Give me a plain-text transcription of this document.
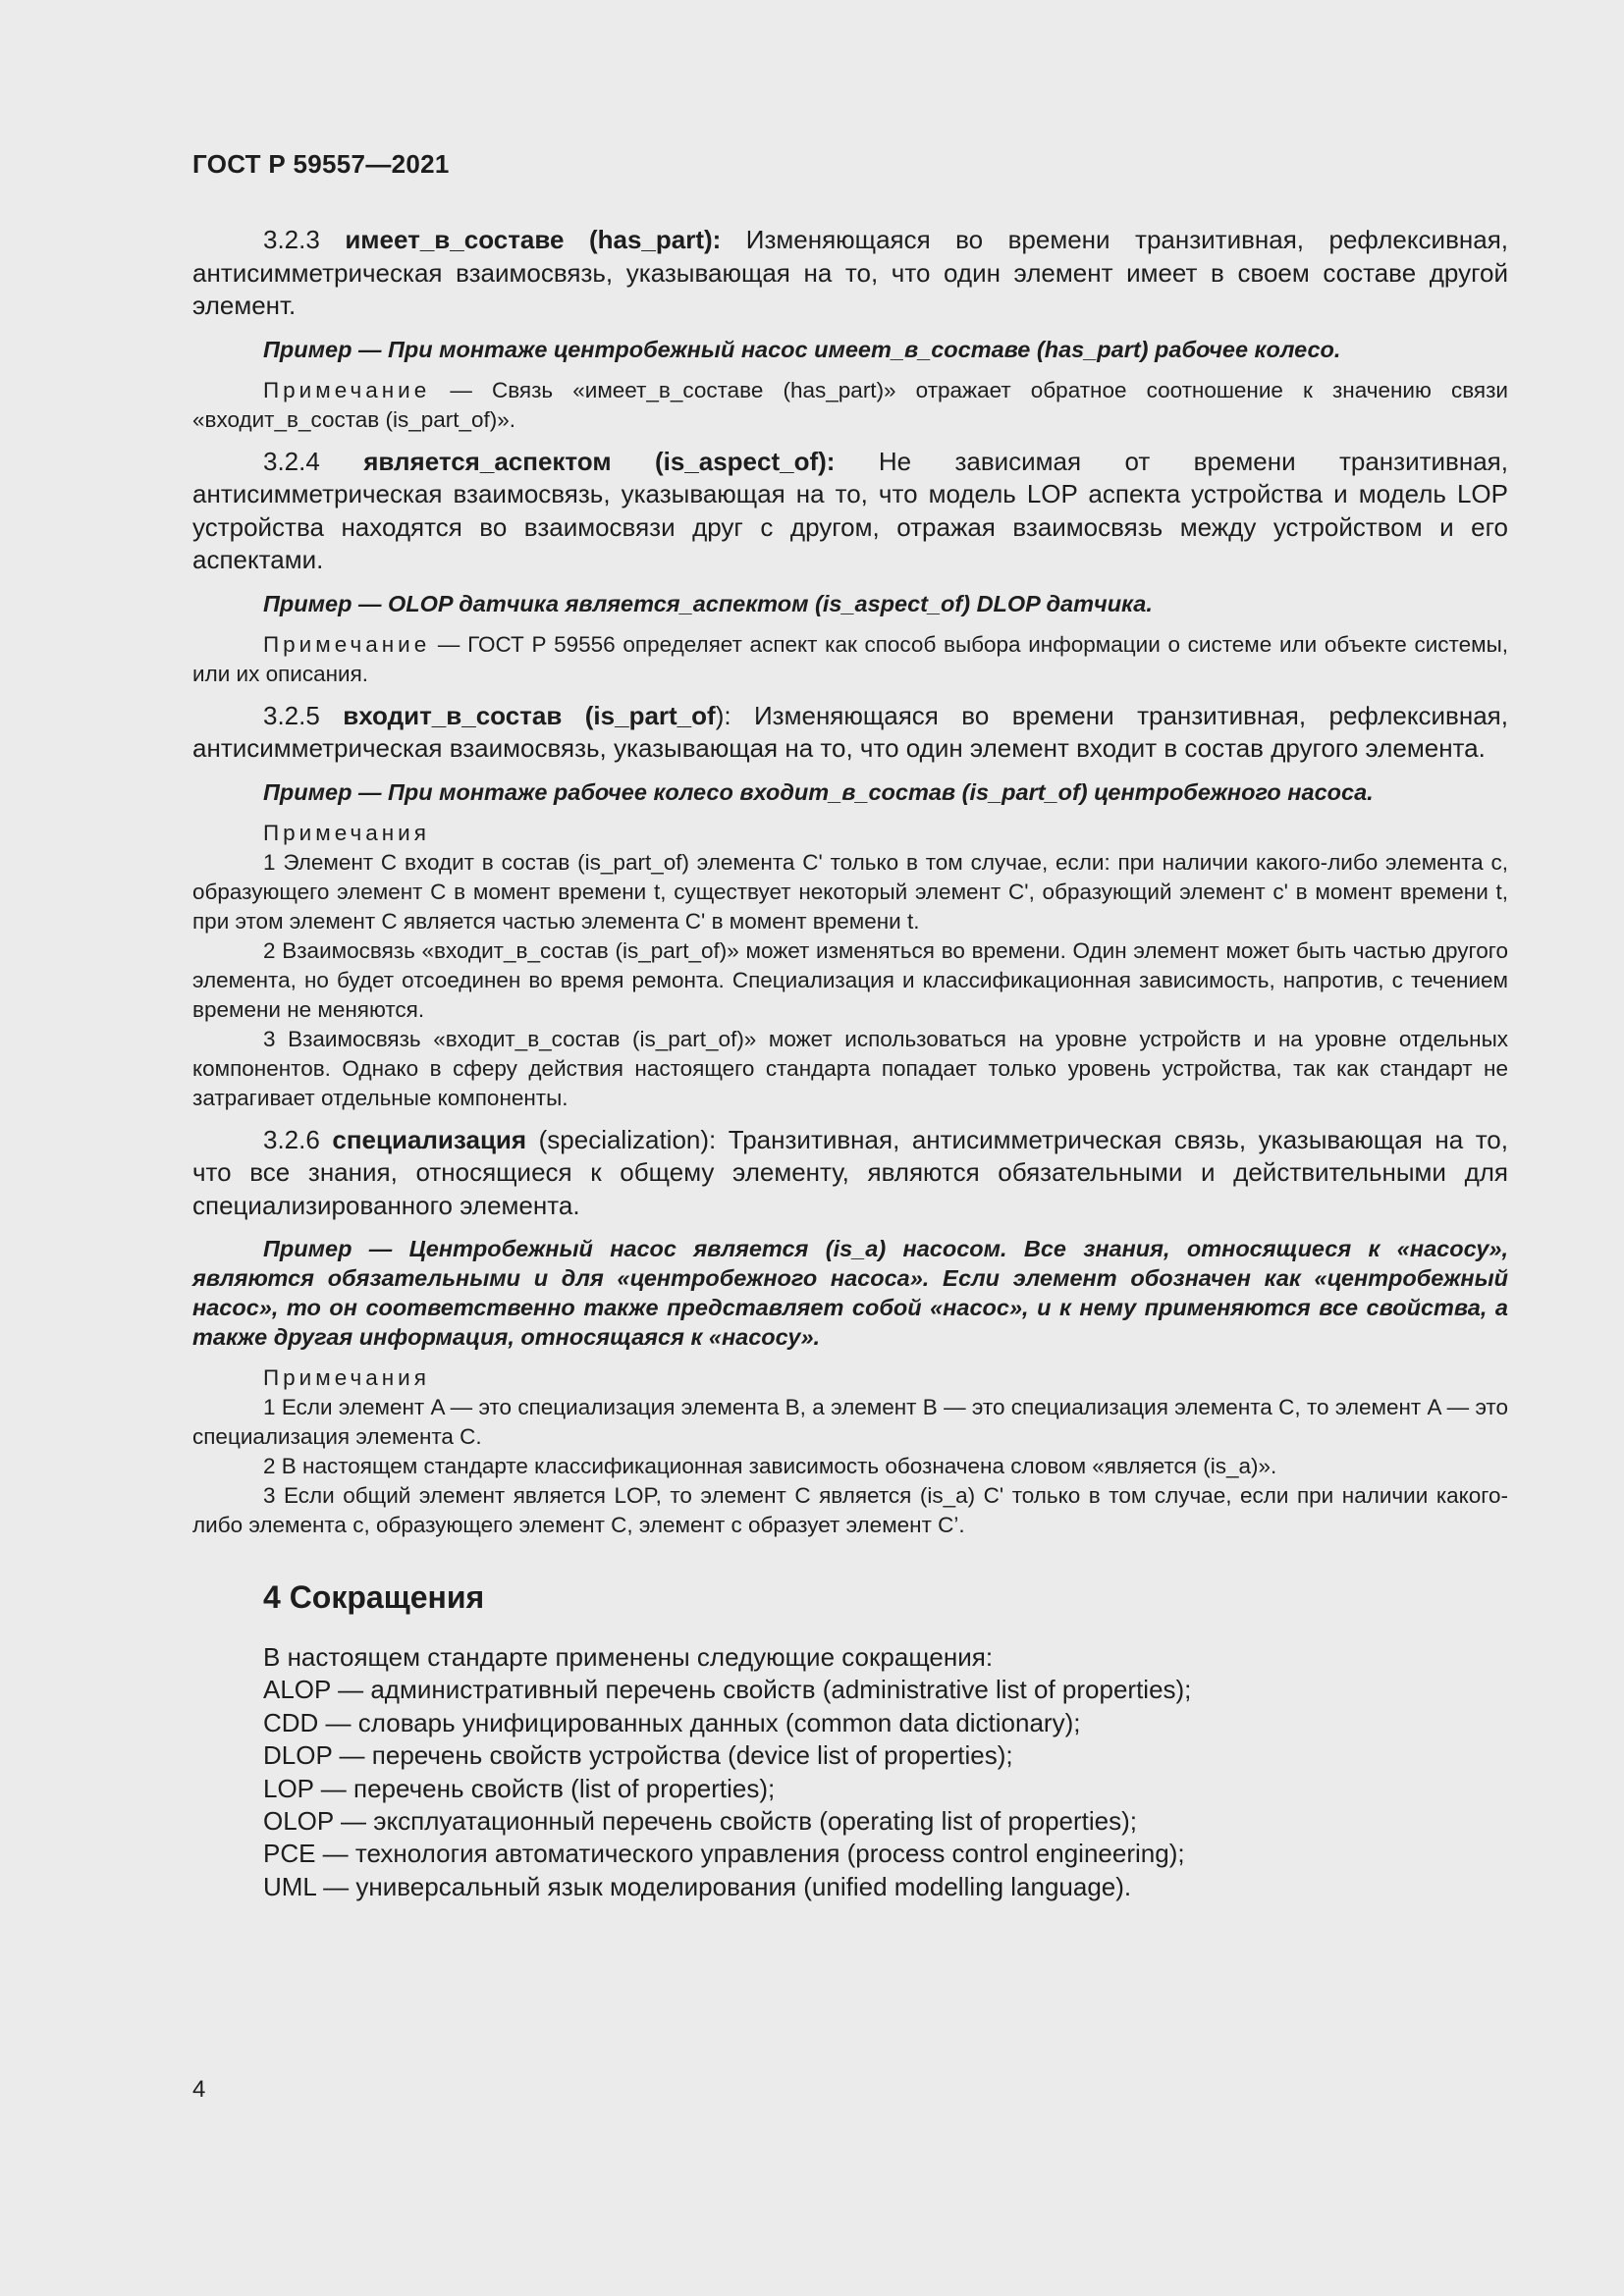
ГОСТ Р 59557—2021

3.2.3 имеет_в_составе (has_part): Изменяющаяся во времени транзитивная, рефлексивная, антисимметрическая взаимосвязь, указывающая на то, что один элемент имеет в своем составе другой элемент.

Пример — При монтаже центробежный насос имеет_в_составе (has_part) рабочее колесо.

Примечание — Связь «имеет_в_составе (has_part)» отражает обратное соотношение к значению связи «входит_в_состав (is_part_of)».

3.2.4 является_аспектом (is_aspect_of): Не зависимая от времени транзитивная, антисимметрическая взаимосвязь, указывающая на то, что модель LOP аспекта устройства и модель LOP устройства находятся во взаимосвязи друг с другом, отражая взаимосвязь между устройством и его аспектами.

Пример — OLOP датчика является_аспектом (is_aspect_of) DLOP датчика.

Примечание — ГОСТ Р 59556 определяет аспект как способ выбора информации о системе или объекте системы, или их описания.

3.2.5 входит_в_состав (is_part_of): Изменяющаяся во времени транзитивная, рефлексивная, антисимметрическая взаимосвязь, указывающая на то, что один элемент входит в состав другого элемента.

Пример — При монтаже рабочее колесо входит_в_состав (is_part_of) центробежного насоса.

Примечания

1 Элемент C входит в состав (is_part_of) элемента C' только в том случае, если: при наличии какого-либо элемента c, образующего элемент C в момент времени t, существует некоторый элемент C', образующий элемент c' в момент времени t, при этом элемент C является частью элемента C' в момент времени t.

2 Взаимосвязь «входит_в_состав (is_part_of)» может изменяться во времени. Один элемент может быть частью другого элемента, но будет отсоединен во время ремонта. Специализация и классификационная зависимость, напротив, с течением времени не меняются.

3 Взаимосвязь «входит_в_состав (is_part_of)» может использоваться на уровне устройств и на уровне отдельных компонентов. Однако в сферу действия настоящего стандарта попадает только уровень устройства, так как стандарт не затрагивает отдельные компоненты.

3.2.6 специализация (specialization): Транзитивная, антисимметрическая связь, указывающая на то, что все знания, относящиеся к общему элементу, являются обязательными и действительными для специализированного элемента.

Пример — Центробежный насос является (is_a) насосом. Все знания, относящиеся к «насосу», являются обязательными и для «центробежного насоса». Если элемент обозначен как «центробежный насос», то он соответственно также представляет собой «насос», и к нему применяются все свойства, а также другая информация, относящаяся к «насосу».

Примечания

1 Если элемент A — это специализация элемента B, а элемент B — это специализация элемента C, то элемент A — это специализация элемента C.

2 В настоящем стандарте классификационная зависимость обозначена словом «является (is_a)».

3 Если общий элемент является LOP, то элемент C является (is_a) C' только в том случае, если при наличии какого-либо элемента c, образующего элемент C, элемент c образует элемент C’.

4 Сокращения
В настоящем стандарте применены следующие сокращения:
ALOP — административный перечень свойств (administrative list of properties);
CDD — словарь унифицированных данных (common data dictionary);
DLOP — перечень свойств устройства (device list of properties);
LOP — перечень свойств (list of properties);
OLOP — эксплуатационный перечень свойств (operating list of properties);
PCE — технология автоматического управления (process control engineering);
UML — универсальный язык моделирования (unified modelling language).
4
